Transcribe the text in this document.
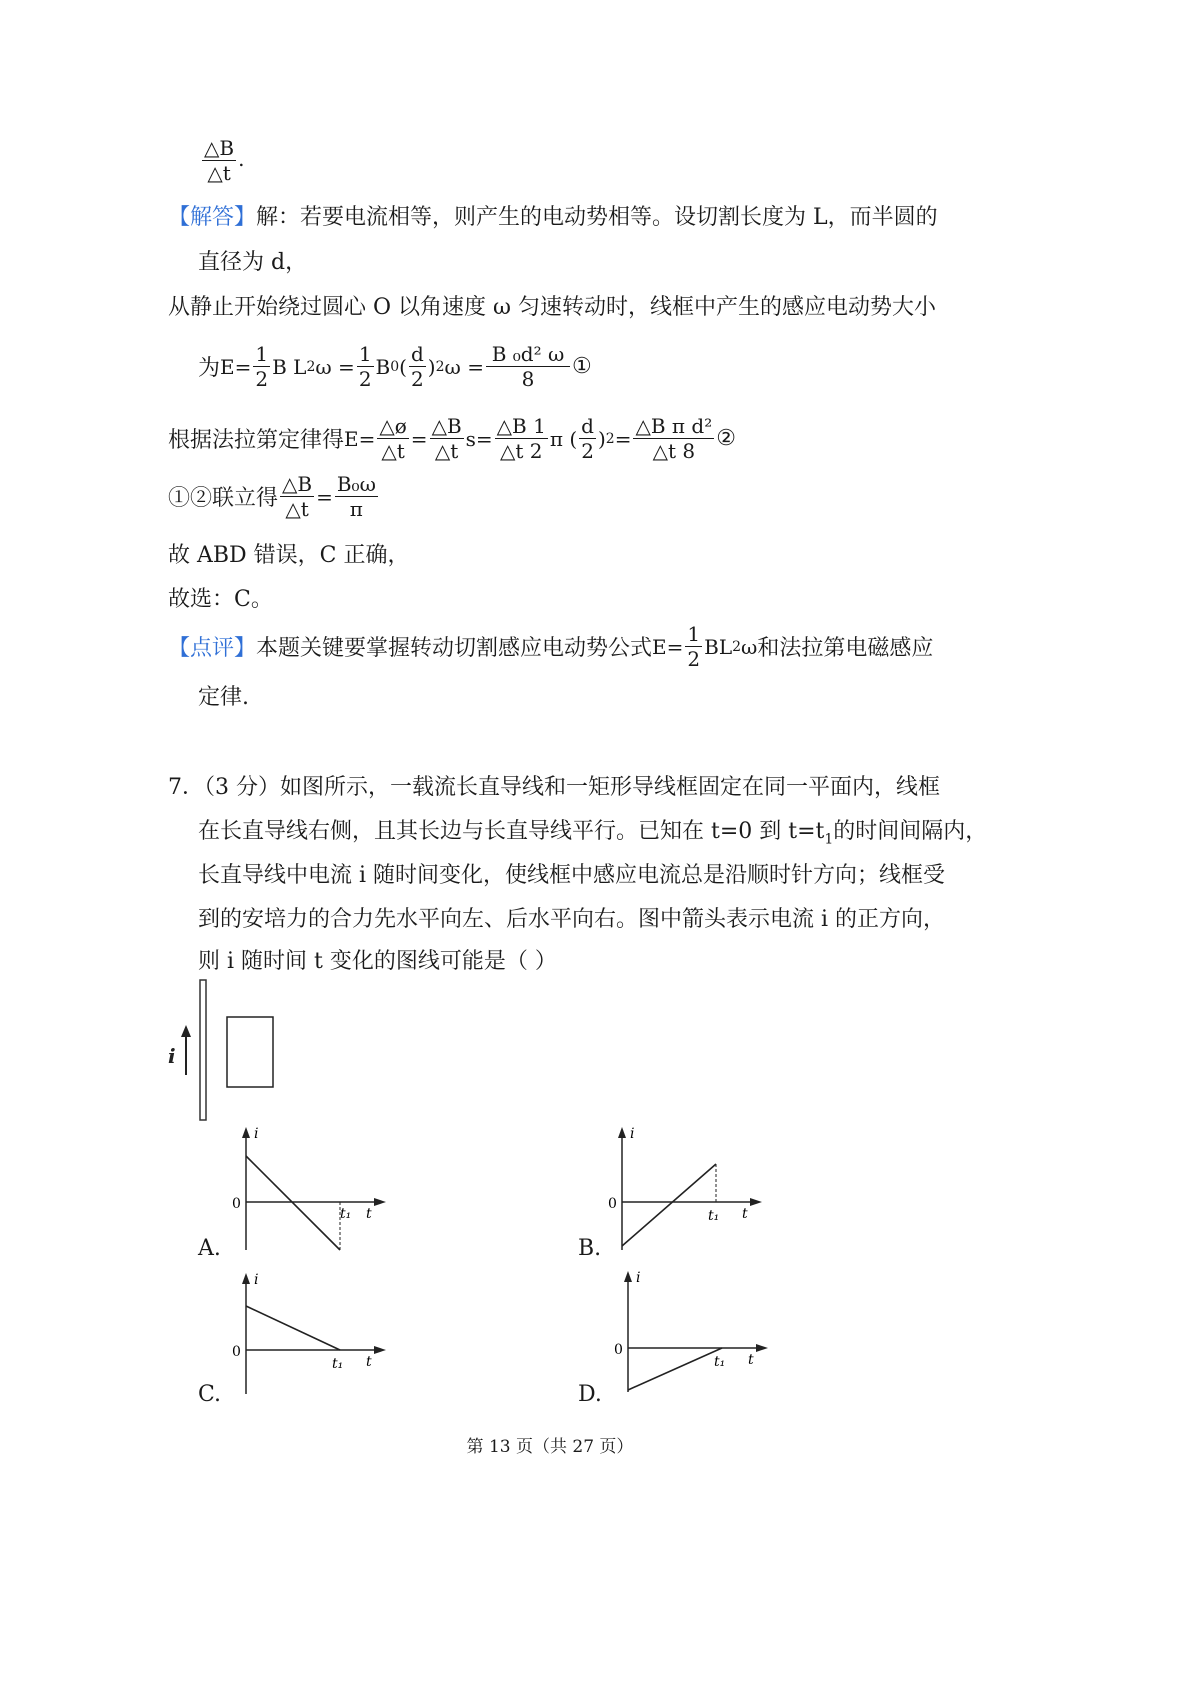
$\frac{\triangle B}{\triangle t}$ .
【解答】解：若要电流相等，则产生的电动势相等。设切割长度为 L，而半圆的
直径为 d，
从静止开始绕过圆心 O 以角速度 ω 匀速转动时，线框中产生的感应电动势大小
为 $E= \frac{1}{2}$ B L 2 $\omega = \frac{1}{2}$ B 0 ( $\frac{d}{2}$ ) 2 $\omega = \frac{\text{B ₀d² ω}}{8}$ ①
根据法拉第定律得 $E= \frac{\triangle ø}{\triangle t} = \frac{\triangle B}{\triangle t} s= \frac{\triangle B 1}{\triangle t 2}$ π ( $\frac{d}{2}$ ) $2 = \frac{\text{△B π d²}}{\triangle t 8}$ ②
①②联立得 $\frac{\triangle B}{\triangle t} = \frac{\text{B₀ω}}{\pi}$
故 ABD 错误，C 正确，
故选：C。
【点评】 本题关键要掌握转动切割感应电动势公式 $E= \frac{1}{2}$ BL 2 ω 和法拉第电磁感应
定律.
7．（3 分）如图所示，一载流长直导线和一矩形导线框固定在同一平面内，线框
在长直导线右侧，且其长边与长直导线平行。已知在 t=0 到 $t=t_1$的时间间隔内，
长直导线中电流 i 随时间变化，使线框中感应电流总是沿顺时针方向；线框受
到的安培力的合力先水平向左、后水平向右。图中箭头表示电流 i 的正方向，
则 i 随时间 t 变化的图线可能是（ ）
i
i
0
t₁ t
A.
i
0
t₁ t
B.
i
0
t₁ t
C.
i
0
t₁ t
D.
第 13 页（共 27 页）
